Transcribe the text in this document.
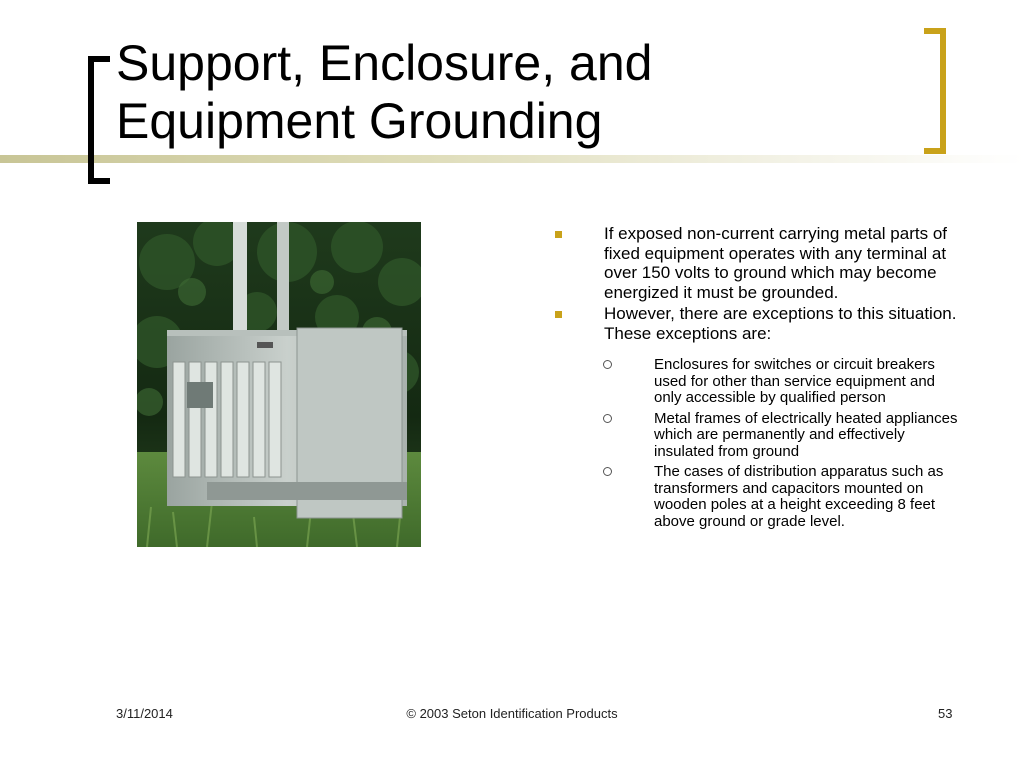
Support, Enclosure, and
Equipment Grounding
If exposed non-current carrying metal parts of fixed equipment operates with any terminal at over 150 volts to ground which may become energized it must be grounded.
However, there are exceptions to this situation. These exceptions are:
Enclosures for switches or circuit breakers used for other than service equipment and only accessible by qualified person
Metal frames of electrically heated appliances which are permanently and effectively insulated from ground
The cases of distribution apparatus such as transformers and capacitors mounted on wooden poles at a height exceeding 8 feet above ground or grade level.
3/11/2014	© 2003 Seton Identification Products	53
